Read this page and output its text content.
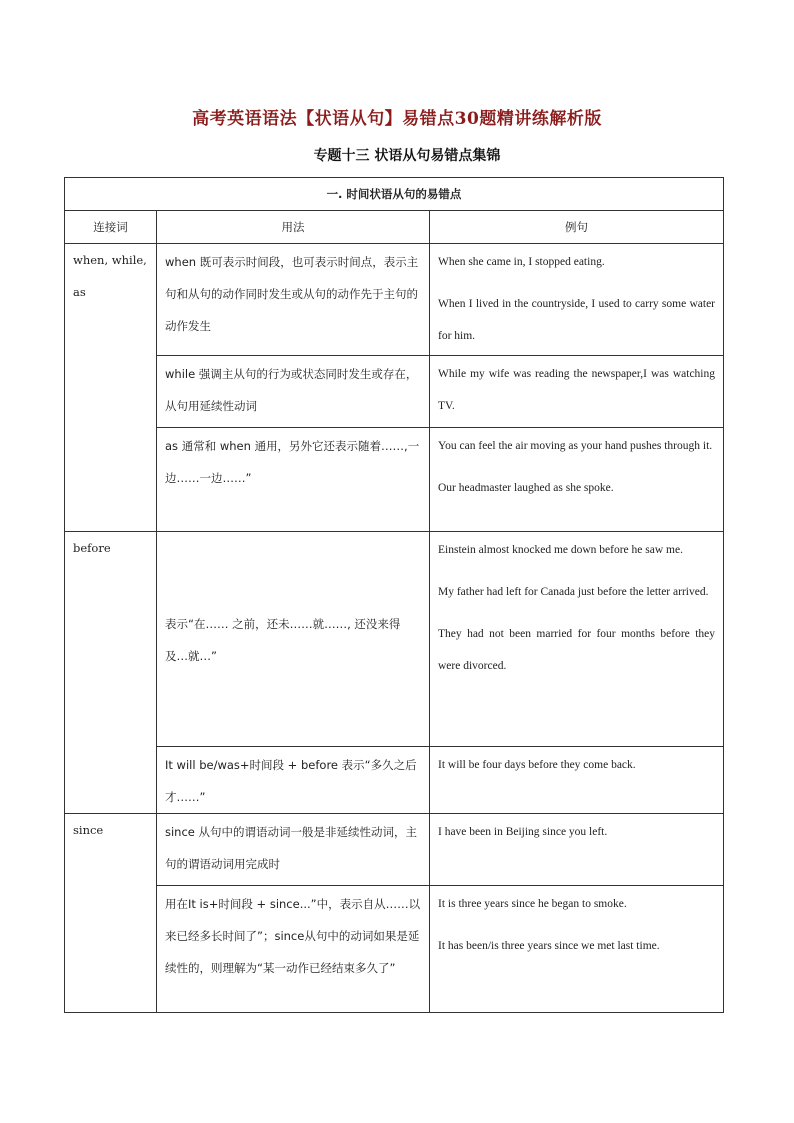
高考英语语法【状语从句】易错点30题精讲练解析版
专题十三 状语从句易错点集锦
一. 时间状语从句的易错点		
连接词	用法	例句
when, while, as	when 既可表示时间段，也可表示时间点，表示主句和从句的动作同时发生或从句的动作先于主句的动作发生	When she came in, I stopped eating.
When I lived in the countryside, I used to carry some water for him.

	while 强调主从句的行为或状态同时发生或存在，从句用延续性动词	While my wife was reading the newspaper,I was watching TV.

	as 通常和 when 通用，另外它还表示随着……,一边……一边……”	You can feel the air moving as your hand pushes through it.
Our headmaster laughed as she spoke.

before	表示“在…… 之前，还未……就……, 还没来得及…就…”	Einstein almost knocked me down before he saw me.
My father had left for Canada just before the letter arrived.
They had not been married for four months before they were divorced.

	It will be/was+时间段 + before 表示“多久之后才……”	It will be four days before they come back.

since	since 从句中的谓语动词一般是非延续性动词，主句的谓语动词用完成时	I have been in Beijing since you left.

	用在It is+时间段 + since...”中，表示自从……以来已经多长时间了”；since从句中的动词如果是延续性的，则理解为“某一动作已经结束多久了”	It is three years since he began to smoke.
It has been/is three years since we met last time.
